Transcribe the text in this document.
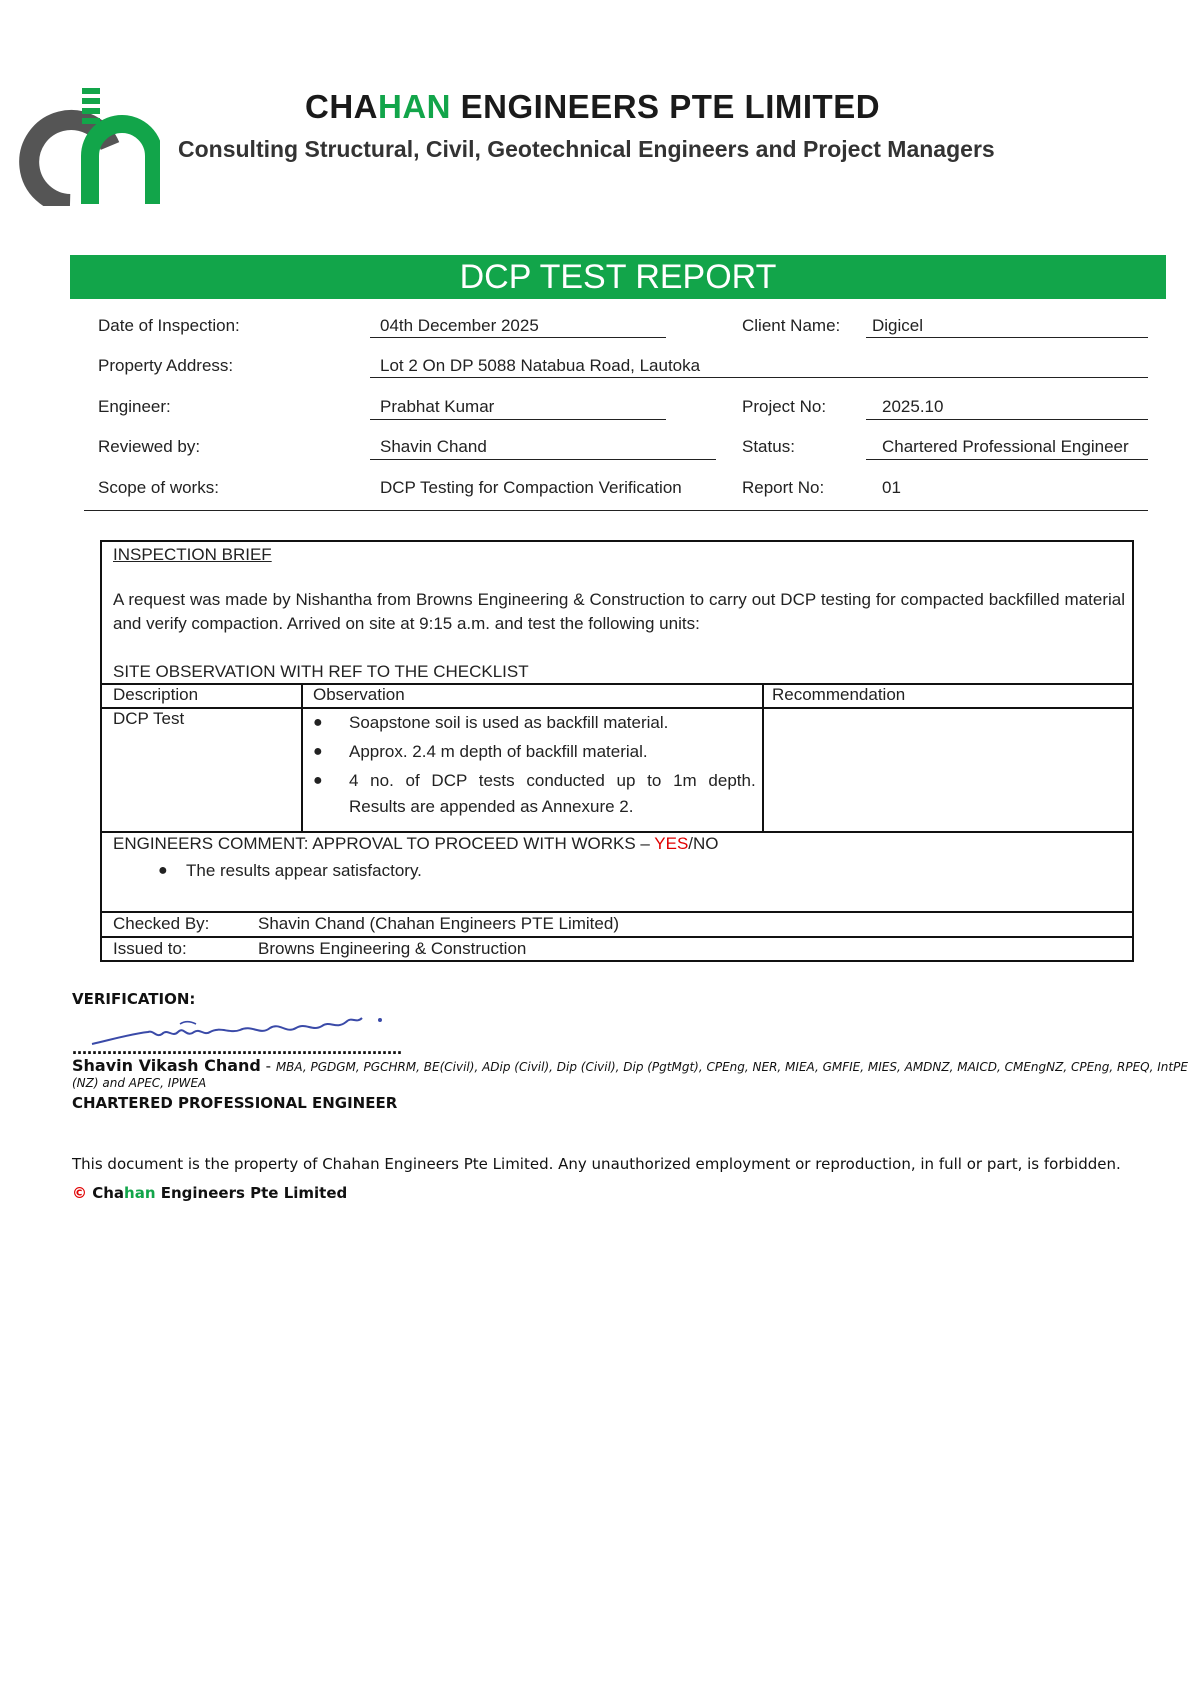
CHAHAN ENGINEERS PTE LIMITED
Consulting Structural, Civil, Geotechnical Engineers and Project Managers
DCP TEST REPORT
Date of Inspection:	04th December 2025	Client Name: Digicel
Property Address:	Lot 2 On DP 5088 Natabua Road, Lautoka
Engineer:	Prabhat Kumar	Project No:	2025.10
Reviewed by:	Shavin Chand	Status:	Chartered Professional Engineer
Scope of works:	DCP Testing for Compaction Verification	Report No:	01
INSPECTION BRIEF
A request was made by Nishantha from Browns Engineering & Construction to carry out DCP testing for compacted backfilled material and verify compaction. Arrived on site at 9:15 a.m. and test the following units:
SITE OBSERVATION WITH REF TO THE CHECKLIST
Description	Observation	Recommendation
DCP Test	● Soapstone soil is used as backfill material.
● Approx. 2.4 m depth of backfill material.
● 4 no. of DCP tests conducted up to 1m depth.
Results are appended as Annexure 2.
ENGINEERS COMMENT: APPROVAL TO PROCEED WITH WORKS – YES/NO
● The results appear satisfactory.
Checked By:	Shavin Chand (Chahan Engineers PTE Limited)
Issued to:	Browns Engineering & Construction
VERIFICATION:
…………………………………………………………
Shavin Vikash Chand - MBA, PGDGM, PGCHRM, BE(Civil), ADip (Civil), Dip (Civil), Dip (PgtMgt), CPEng, NER, MIEA, GMFIE, MIES, AMDNZ, MAICD, CMEngNZ, CPEng, RPEQ, IntPE
(NZ) and APEC, IPWEA
CHARTERED PROFESSIONAL ENGINEER
This document is the property of Chahan Engineers Pte Limited. Any unauthorized employment or reproduction, in full or part, is forbidden.
© Chahan Engineers Pte Limited
